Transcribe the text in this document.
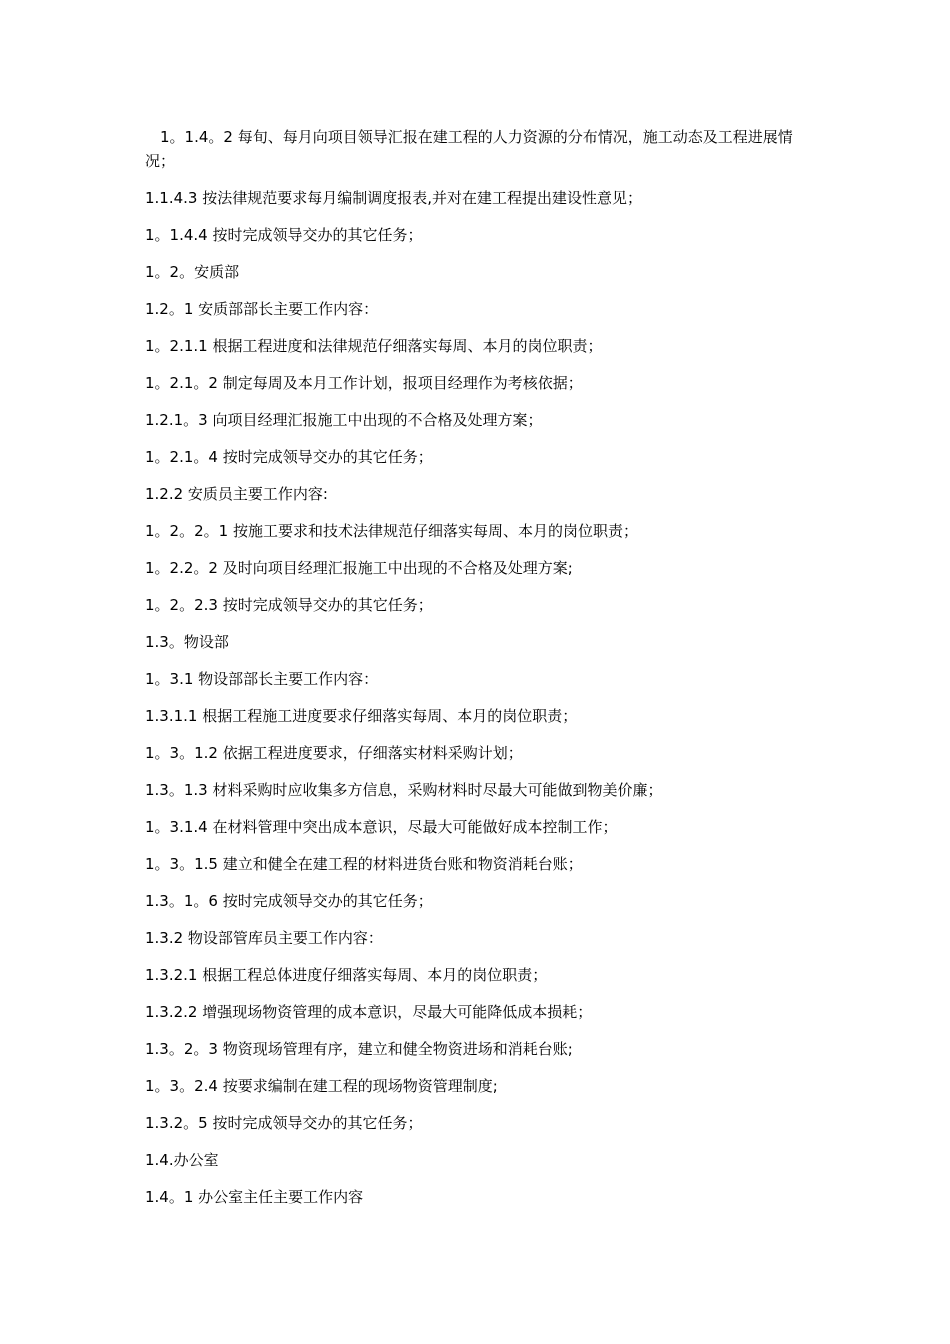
1。1.4。2 每旬、每月向项目领导汇报在建工程的人力资源的分布情况，施工动态及工程进展情况；

1.1.4.3 按法律规范要求每月编制调度报表,并对在建工程提出建设性意见；

1。1.4.4 按时完成领导交办的其它任务；

1。2。安质部

1.2。1 安质部部长主要工作内容：

1。2.1.1 根据工程进度和法律规范仔细落实每周、本月的岗位职责；

1。2.1。2 制定每周及本月工作计划，报项目经理作为考核依据；

1.2.1。3 向项目经理汇报施工中出现的不合格及处理方案；

1。2.1。4 按时完成领导交办的其它任务；

1.2.2 安质员主要工作内容:

1。2。2。1 按施工要求和技术法律规范仔细落实每周、本月的岗位职责；

1。2.2。2 及时向项目经理汇报施工中出现的不合格及处理方案;

1。2。2.3 按时完成领导交办的其它任务；

1.3。物设部

1。3.1 物设部部长主要工作内容：

1.3.1.1 根据工程施工进度要求仔细落实每周、本月的岗位职责；

1。3。1.2 依据工程进度要求，仔细落实材料采购计划；

1.3。1.3 材料采购时应收集多方信息，采购材料时尽最大可能做到物美价廉；

1。3.1.4 在材料管理中突出成本意识，尽最大可能做好成本控制工作；

1。3。1.5 建立和健全在建工程的材料进货台账和物资消耗台账；

1.3。1。6 按时完成领导交办的其它任务；

1.3.2 物设部管库员主要工作内容：

1.3.2.1 根据工程总体进度仔细落实每周、本月的岗位职责；

1.3.2.2 增强现场物资管理的成本意识，尽最大可能降低成本损耗；

1.3。2。3 物资现场管理有序，建立和健全物资进场和消耗台账;

1。3。2.4 按要求编制在建工程的现场物资管理制度;

1.3.2。5 按时完成领导交办的其它任务；

1.4.办公室

1.4。1 办公室主任主要工作内容
